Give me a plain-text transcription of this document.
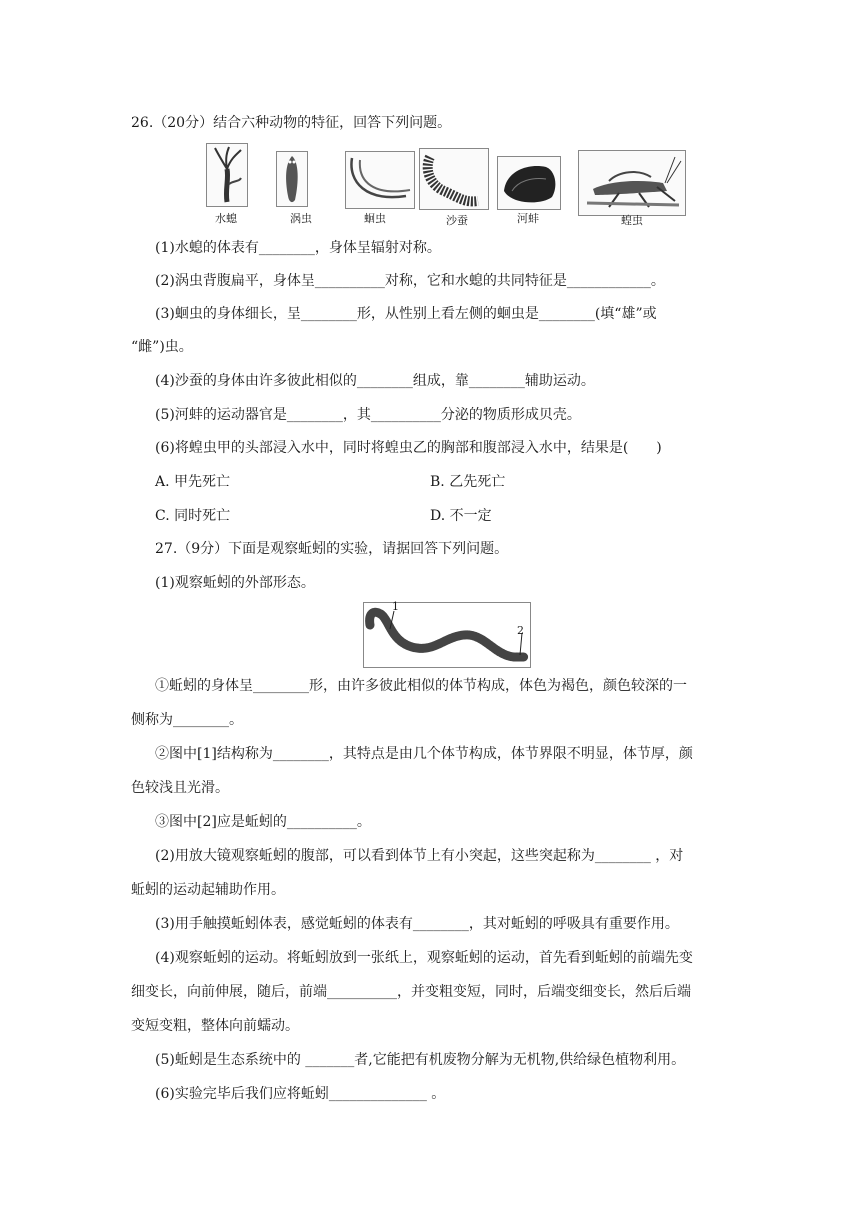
26.（20分）结合六种动物的特征，回答下列问题。
水螅	涡虫	蛔虫	沙蚕	河蚌	蝗虫
(1)水螅的体表有________，身体呈辐射对称。
(2)涡虫背腹扁平，身体呈__________对称，它和水螅的共同特征是____________。
(3)蛔虫的身体细长，呈________形，从性别上看左侧的蛔虫是________(填“雄”或
“雌”)虫。
(4)沙蚕的身体由许多彼此相似的________组成，靠________辅助运动。
(5)河蚌的运动器官是________，其__________分泌的物质形成贝壳。
(6)将蝗虫甲的头部浸入水中，同时将蝗虫乙的胸部和腹部浸入水中，结果是(　　)
A. 甲先死亡	B. 乙先死亡
C. 同时死亡	D. 不一定
27.（9分）下面是观察蚯蚓的实验，请据回答下列问题。
(1)观察蚯蚓的外部形态。
1
2
①蚯蚓的身体呈________形，由许多彼此相似的体节构成，体色为褐色，颜色较深的一
侧称为________。
②图中[1]结构称为________，其特点是由几个体节构成，体节界限不明显，体节厚，颜
色较浅且光滑。
③图中[2]应是蚯蚓的__________。
(2)用放大镜观察蚯蚓的腹部，可以看到体节上有小突起，这些突起称为________ ，对
蚯蚓的运动起辅助作用。
(3)用手触摸蚯蚓体表，感觉蚯蚓的体表有________，其对蚯蚓的呼吸具有重要作用。
(4)观察蚯蚓的运动。将蚯蚓放到一张纸上，观察蚯蚓的运动，首先看到蚯蚓的前端先变
细变长，向前伸展，随后，前端__________，并变粗变短，同时，后端变细变长，然后后端
变短变粗，整体向前蠕动。
(5)蚯蚓是生态系统中的 _______者,它能把有机废物分解为无机物,供给绿色植物利用。
(6)实验完毕后我们应将蚯蚓______________ 。
